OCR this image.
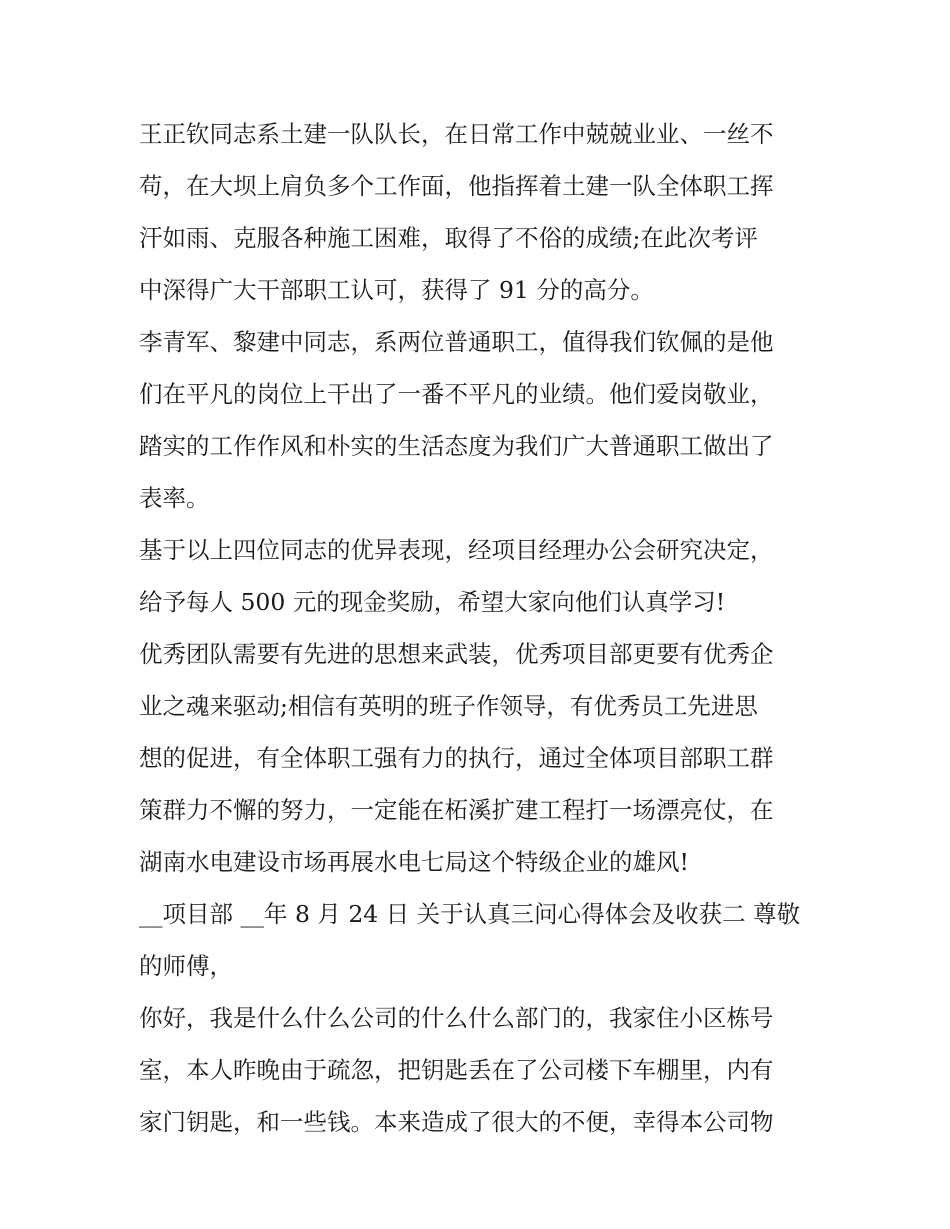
王正钦同志系土建一队队长，在日常工作中兢兢业业、一丝不
苟，在大坝上肩负多个工作面，他指挥着土建一队全体职工挥
汗如雨、克服各种施工困难，取得了不俗的成绩;在此次考评
中深得广大干部职工认可，获得了 91 分的高分。
李青军、黎建中同志，系两位普通职工，值得我们钦佩的是他
们在平凡的岗位上干出了一番不平凡的业绩。他们爱岗敬业，
踏实的工作作风和朴实的生活态度为我们广大普通职工做出了
表率。
基于以上四位同志的优异表现，经项目经理办公会研究决定，
给予每人 500 元的现金奖励，希望大家向他们认真学习!
优秀团队需要有先进的思想来武装，优秀项目部更要有优秀企
业之魂来驱动;相信有英明的班子作领导，有优秀员工先进思
想的促进，有全体职工强有力的执行，通过全体项目部职工群
策群力不懈的努力，一定能在柘溪扩建工程打一场漂亮仗，在
湖南水电建设市场再展水电七局这个特级企业的雄风!
__项目部 __年 8 月 24 日 关于认真三问心得体会及收获二 尊敬
的师傅，
你好，我是什么什么公司的什么什么部门的，我家住小区栋号
室，本人昨晚由于疏忽，把钥匙丢在了公司楼下车棚里，内有
家门钥匙，和一些钱。本来造成了很大的不便，幸得本公司物
